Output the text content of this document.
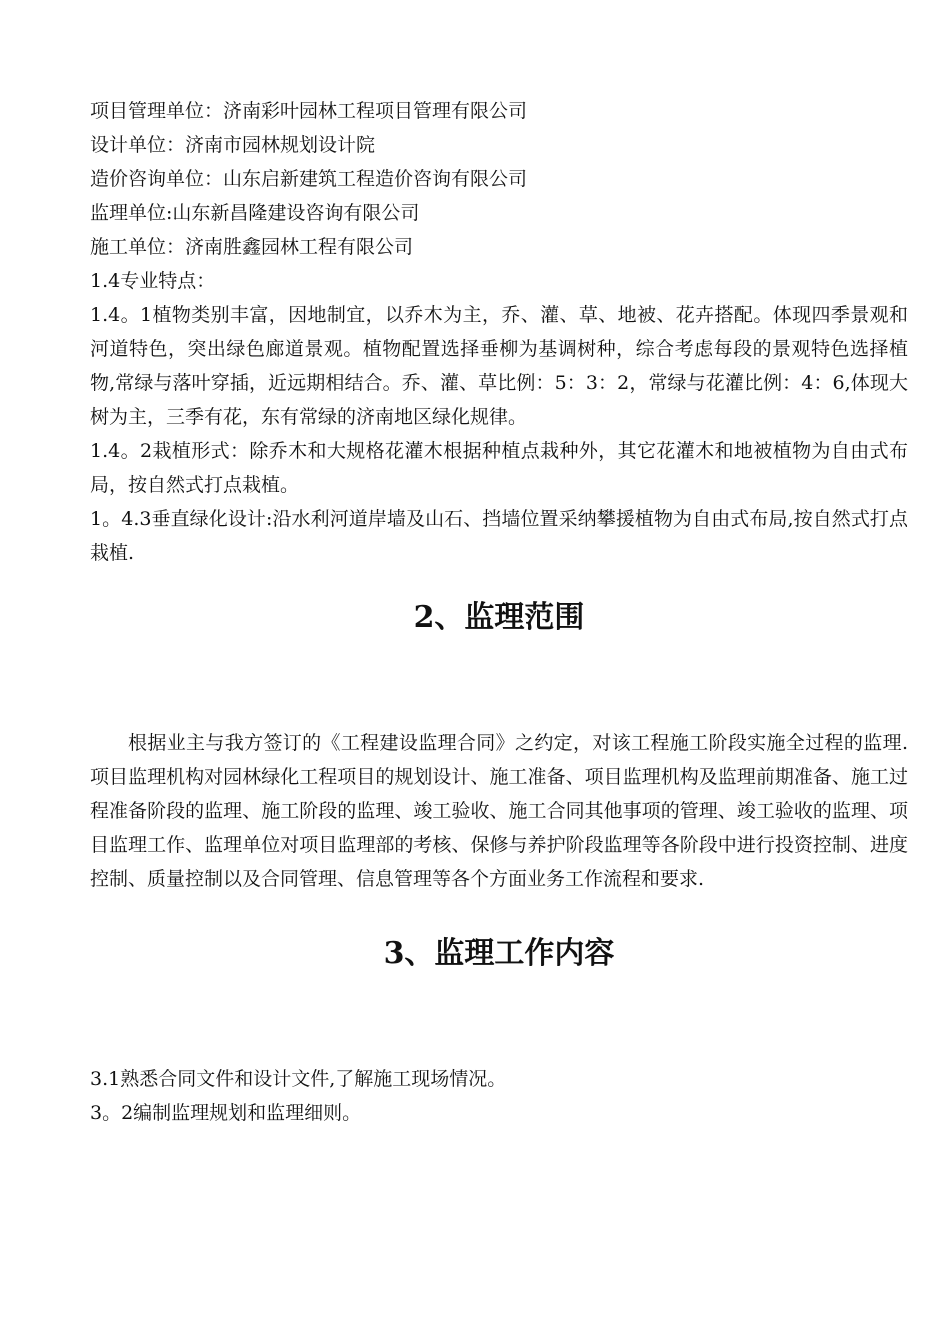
项目管理单位：济南彩叶园林工程项目管理有限公司
设计单位：济南市园林规划设计院
造价咨询单位：山东启新建筑工程造价咨询有限公司
监理单位:山东新昌隆建设咨询有限公司
施工单位：济南胜鑫园林工程有限公司
1.4专业特点：
1.4。1植物类别丰富，因地制宜，以乔木为主，乔、灌、草、地被、花卉搭配。体现四季景观和河道特色，突出绿色廊道景观。植物配置选择垂柳为基调树种，综合考虑每段的景观特色选择植物,常绿与落叶穿插，近远期相结合。乔、灌、草比例：5：3：2，常绿与花灌比例：4：6,体现大树为主，三季有花，东有常绿的济南地区绿化规律。
1.4。2栽植形式：除乔木和大规格花灌木根据种植点栽种外，其它花灌木和地被植物为自由式布局，按自然式打点栽植。
1。4.3垂直绿化设计:沿水利河道岸墙及山石、挡墙位置采纳攀援植物为自由式布局,按自然式打点栽植.
2、监理范围
根据业主与我方签订的《工程建设监理合同》之约定，对该工程施工阶段实施全过程的监理.项目监理机构对园林绿化工程项目的规划设计、施工准备、项目监理机构及监理前期准备、施工过程准备阶段的监理、施工阶段的监理、竣工验收、施工合同其他事项的管理、竣工验收的监理、项目监理工作、监理单位对项目监理部的考核、保修与养护阶段监理等各阶段中进行投资控制、进度控制、质量控制以及合同管理、信息管理等各个方面业务工作流程和要求.
3、监理工作内容
3.1熟悉合同文件和设计文件,了解施工现场情况。
3。2编制监理规划和监理细则。
